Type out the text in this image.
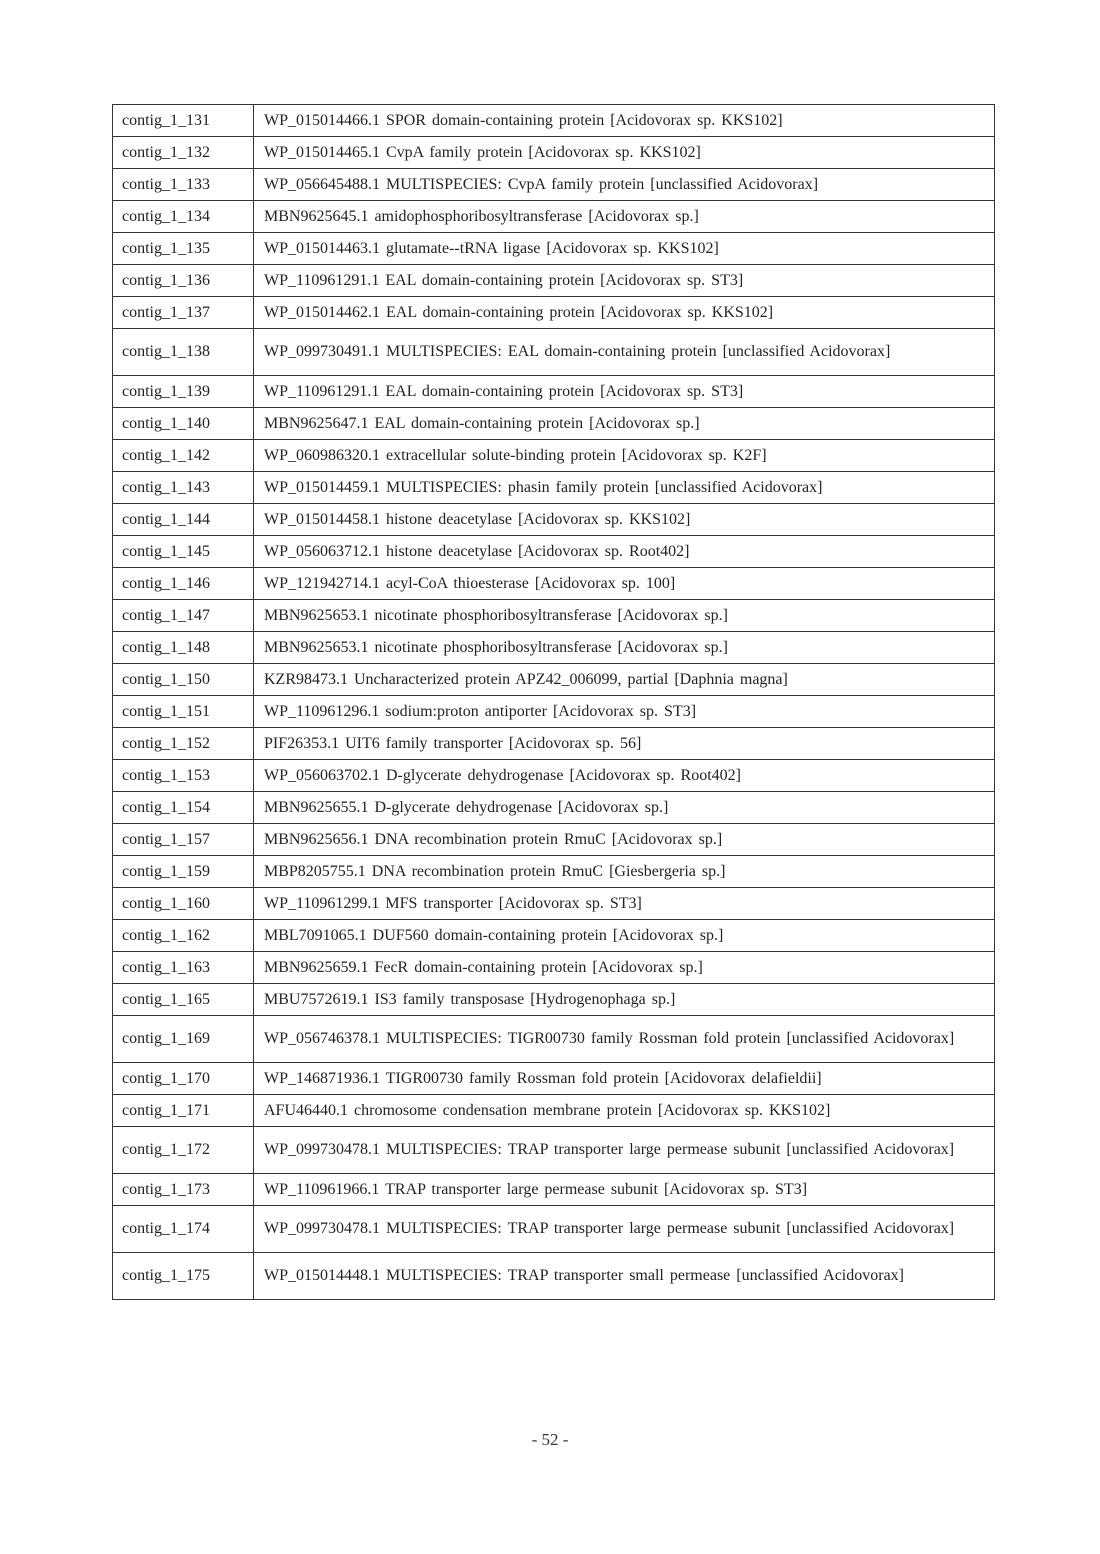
contig_1_131	WP_015014466.1 SPOR domain-containing protein [Acidovorax sp. KKS102]
contig_1_132	WP_015014465.1 CvpA family protein [Acidovorax sp. KKS102]
contig_1_133	WP_056645488.1 MULTISPECIES: CvpA family protein [unclassified Acidovorax]
contig_1_134	MBN9625645.1 amidophosphoribosyltransferase [Acidovorax sp.]
contig_1_135	WP_015014463.1 glutamate--tRNA ligase [Acidovorax sp. KKS102]
contig_1_136	WP_110961291.1 EAL domain-containing protein [Acidovorax sp. ST3]
contig_1_137	WP_015014462.1 EAL domain-containing protein [Acidovorax sp. KKS102]
contig_1_138	WP_099730491.1 MULTISPECIES: EAL domain-containing protein [unclassified Acidovorax]
contig_1_139	WP_110961291.1 EAL domain-containing protein [Acidovorax sp. ST3]
contig_1_140	MBN9625647.1 EAL domain-containing protein [Acidovorax sp.]
contig_1_142	WP_060986320.1 extracellular solute-binding protein [Acidovorax sp. K2F]
contig_1_143	WP_015014459.1 MULTISPECIES: phasin family protein [unclassified Acidovorax]
contig_1_144	WP_015014458.1 histone deacetylase [Acidovorax sp. KKS102]
contig_1_145	WP_056063712.1 histone deacetylase [Acidovorax sp. Root402]
contig_1_146	WP_121942714.1 acyl-CoA thioesterase [Acidovorax sp. 100]
contig_1_147	MBN9625653.1 nicotinate phosphoribosyltransferase [Acidovorax sp.]
contig_1_148	MBN9625653.1 nicotinate phosphoribosyltransferase [Acidovorax sp.]
contig_1_150	KZR98473.1 Uncharacterized protein APZ42_006099, partial [Daphnia magna]
contig_1_151	WP_110961296.1 sodium:proton antiporter [Acidovorax sp. ST3]
contig_1_152	PIF26353.1 UIT6 family transporter [Acidovorax sp. 56]
contig_1_153	WP_056063702.1 D-glycerate dehydrogenase [Acidovorax sp. Root402]
contig_1_154	MBN9625655.1 D-glycerate dehydrogenase [Acidovorax sp.]
contig_1_157	MBN9625656.1 DNA recombination protein RmuC [Acidovorax sp.]
contig_1_159	MBP8205755.1 DNA recombination protein RmuC [Giesbergeria sp.]
contig_1_160	WP_110961299.1 MFS transporter [Acidovorax sp. ST3]
contig_1_162	MBL7091065.1 DUF560 domain-containing protein [Acidovorax sp.]
contig_1_163	MBN9625659.1 FecR domain-containing protein [Acidovorax sp.]
contig_1_165	MBU7572619.1 IS3 family transposase [Hydrogenophaga sp.]
contig_1_169	WP_056746378.1 MULTISPECIES: TIGR00730 family Rossman fold protein [unclassified Acidovorax]
contig_1_170	WP_146871936.1 TIGR00730 family Rossman fold protein [Acidovorax delafieldii]
contig_1_171	AFU46440.1 chromosome condensation membrane protein [Acidovorax sp. KKS102]
contig_1_172	WP_099730478.1 MULTISPECIES: TRAP transporter large permease subunit [unclassified Acidovorax]
contig_1_173	WP_110961966.1 TRAP transporter large permease subunit [Acidovorax sp. ST3]
contig_1_174	WP_099730478.1 MULTISPECIES: TRAP transporter large permease subunit [unclassified Acidovorax]
contig_1_175	WP_015014448.1 MULTISPECIES: TRAP transporter small permease [unclassified Acidovorax]
- 52 -
